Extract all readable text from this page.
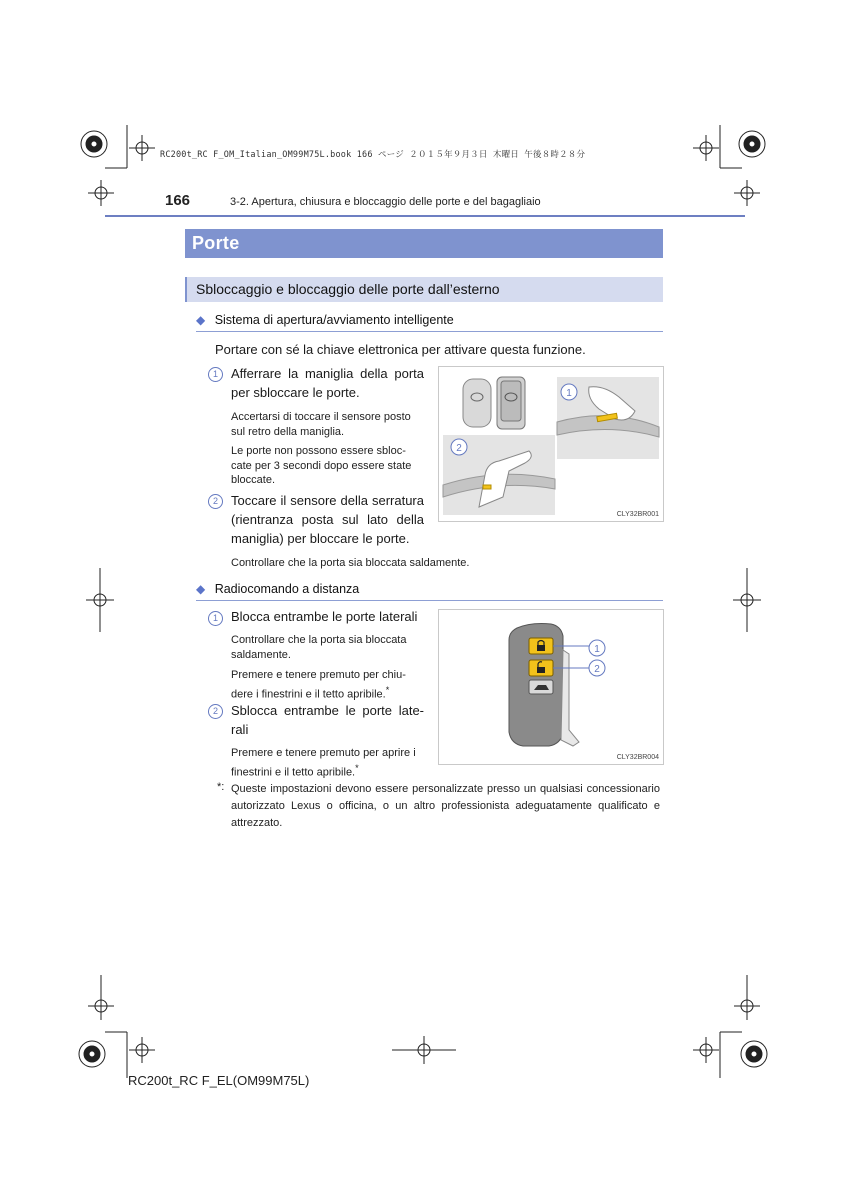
RC200t_RC F_OM_Italian_OM99M75L.book 166 ページ ２０１５年９月３日 木曜日 午後８時２８分
166	3-2. Apertura, chiusura e bloccaggio delle porte e del bagagliaio
Porte
Sbloccaggio e bloccaggio delle porte dall’esterno
◆ Sistema di apertura/avviamento intelligente
Portare con sé la chiave elettronica per attivare questa funzione.
1	Afferrare la maniglia della porta
per sbloccare le porte.
Accertarsi di toccare il sensore posto
sul retro della maniglia.
Le porte non possono essere sbloc-
cate per 3 secondi dopo essere state
bloccate.
2	Toccare il sensore della serratura
(rientranza posta sul lato della
maniglia) per bloccare le porte.
1
2
CLY32BR001
Controllare che la porta sia bloccata saldamente.
◆ Radiocomando a distanza
1	Blocca entrambe le porte laterali
Controllare che la porta sia bloccata
saldamente.
Premere e tenere premuto per chiu-
dere i finestrini e il tetto apribile.*
2	Sblocca entrambe le porte late-
rali
Premere e tenere premuto per aprire i
finestrini e il tetto apribile.*
1
2
CLY32BR004
*: Queste impostazioni devono essere personalizzate presso un qualsiasi concessionario
autorizzato Lexus o officina, o un altro professionista adeguatamente qualificato e
attrezzato.
RC200t_RC F_EL(OM99M75L)
